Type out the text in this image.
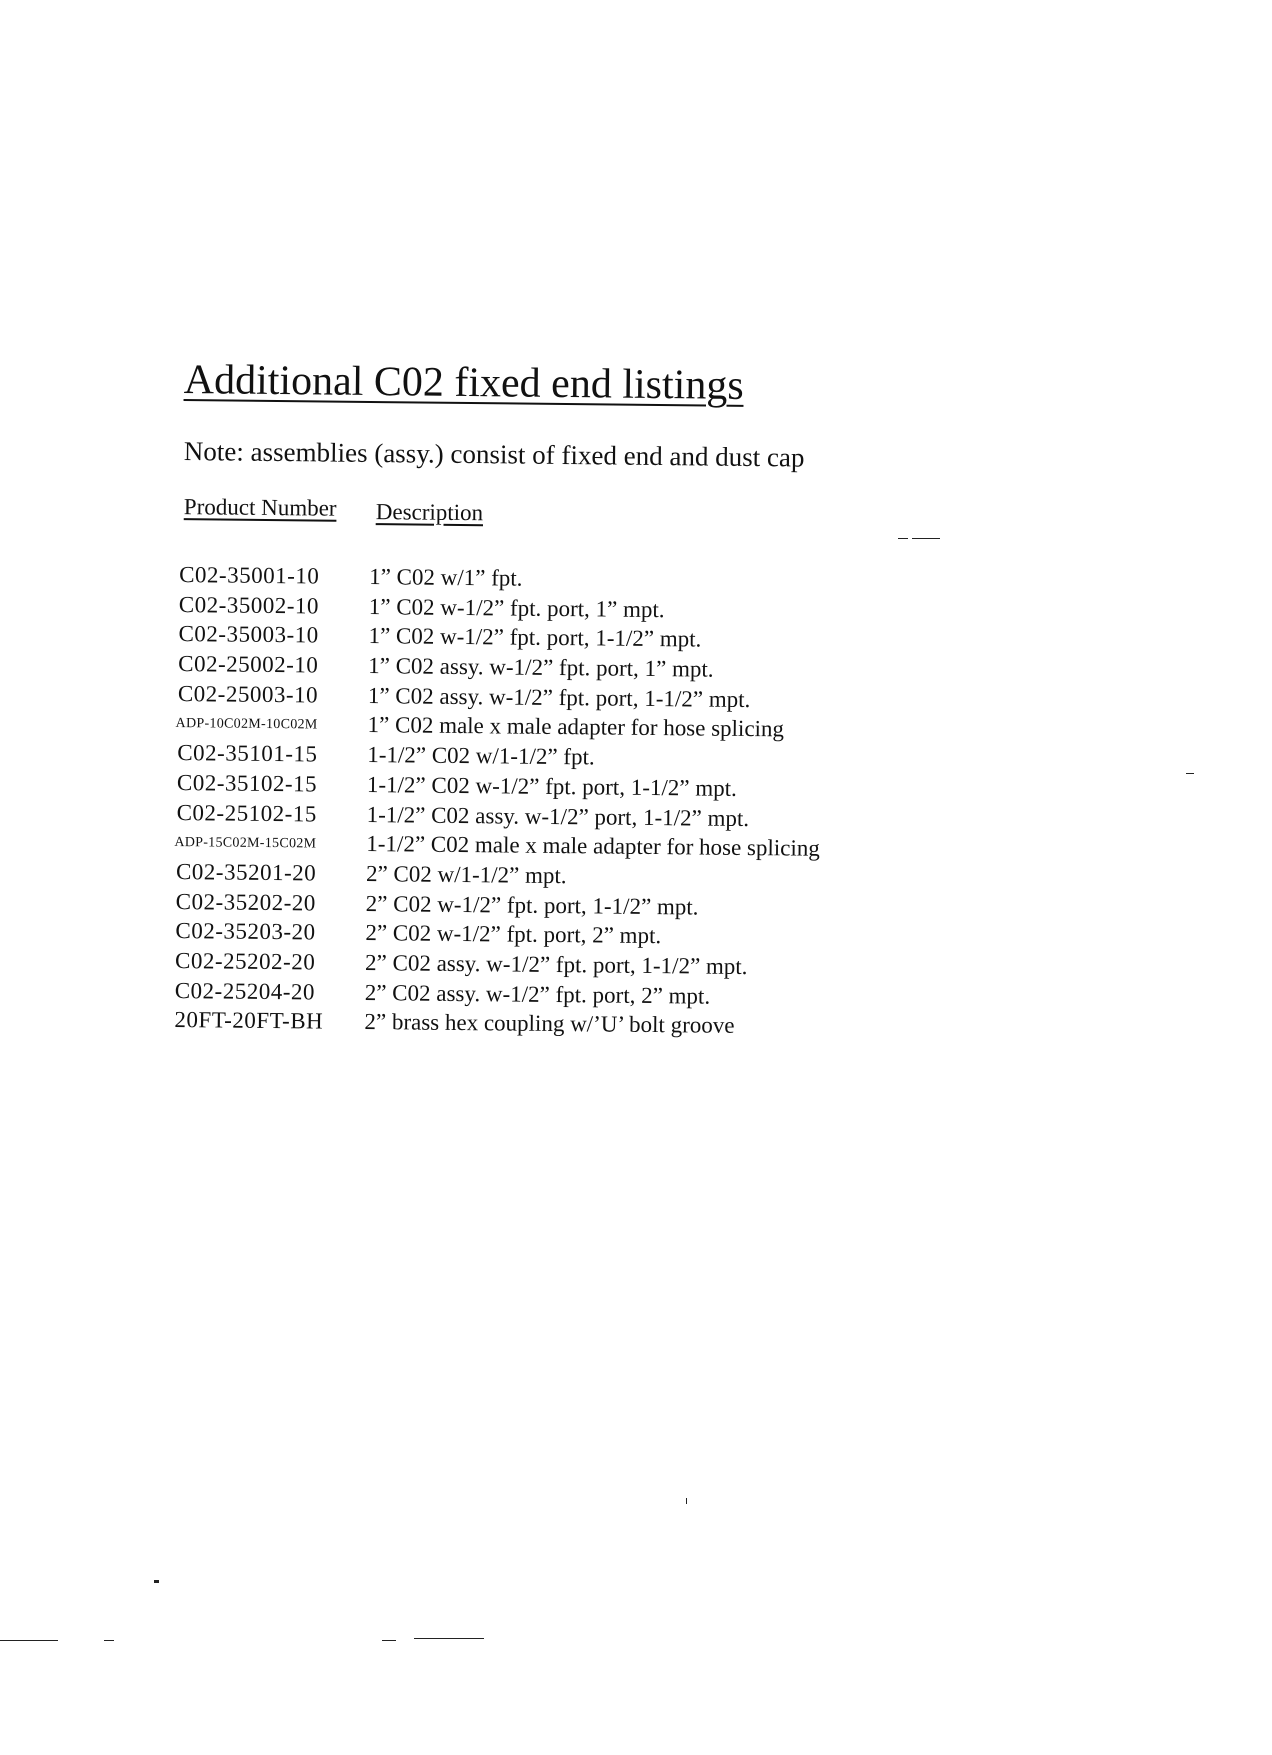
Additional C02 fixed end listings
Note: assemblies (assy.) consist of fixed end and dust cap
Product Number Description
C02-35001-10 1” C02 w/1” fpt.
C02-35002-10 1” C02 w-1/2” fpt. port, 1” mpt.
C02-35003-10 1” C02 w-1/2” fpt. port, 1-1/2” mpt.
C02-25002-10 1” C02 assy. w-1/2” fpt. port, 1” mpt.
C02-25003-10 1” C02 assy. w-1/2” fpt. port, 1-1/2” mpt.
ADP-10C02M-10C02M 1” C02 male x male adapter for hose splicing
C02-35101-15 1-1/2” C02 w/1-1/2” fpt.
C02-35102-15 1-1/2” C02 w-1/2” fpt. port, 1-1/2” mpt.
C02-25102-15 1-1/2” C02 assy. w-1/2” port, 1-1/2” mpt.
ADP-15C02M-15C02M 1-1/2” C02 male x male adapter for hose splicing
C02-35201-20 2” C02 w/1-1/2” mpt.
C02-35202-20 2” C02 w-1/2” fpt. port, 1-1/2” mpt.
C02-35203-20 2” C02 w-1/2” fpt. port, 2” mpt.
C02-25202-20 2” C02 assy. w-1/2” fpt. port, 1-1/2” mpt.
C02-25204-20 2” C02 assy. w-1/2” fpt. port, 2” mpt.
20FT-20FT-BH 2” brass hex coupling w/’U’ bolt groove
